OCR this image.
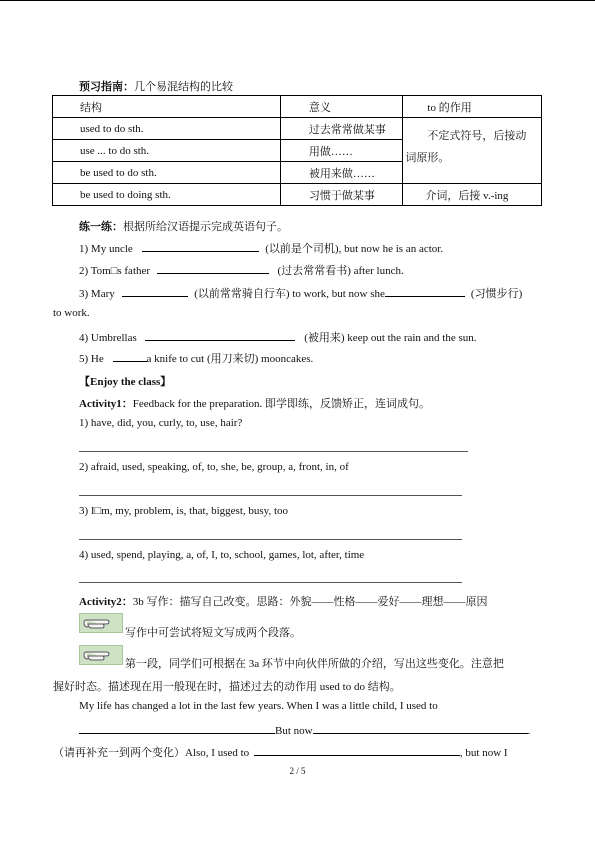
预习指南：几个易混结构的比较
结构	意义	to 的作用

used to do sth.	过去常常做某事	不定式符号，后接动
词原形。

use ... to do sth.	用做……	

be used to do sth.	被用来做……	

be used to doing sth.	习惯于做某事	介词，后接 v.-ing
练一练：根据所给汉语提示完成英语句子。
1) My uncle	(以前是个司机), but now he is an actor.
2) Tom□s father	(过去常常看书) after lunch.
3) Mary	(以前常常骑自行车) to work, but now she	(习惯步行)
to work.
4) Umbrellas	(被用来) keep out the rain and the sun.
5) He	a knife to cut (用刀来切) mooncakes.
【Enjoy the class】
Activity1：Feedback for the preparation. 即学即练，反馈矫正，连词成句。
1) have, did, you, curly, to, use, hair?
2) afraid, used, speaking, of, to, she, be, group, a, front, in, of
3) I□m, my, problem, is, that, biggest, busy, too
4) used, spend, playing, a, of, I, to, school, games, lot, after, time
Activity2：3b 写作：描写自己改变。思路：外貌——性格——爱好——理想——原因
写作中可尝试将短文写成两个段落。
第一段，同学们可根据在 3a 环节中向伙伴所做的介绍，写出这些变化。注意把
握好时态。描述现在用一般现在时，描述过去的动作用 used to do 结构。
My life has changed a lot in the last few years. When I was a little child, I used to
But now	.
（请再补充一到两个变化）Also, I used to	, but now I
2 / 5
